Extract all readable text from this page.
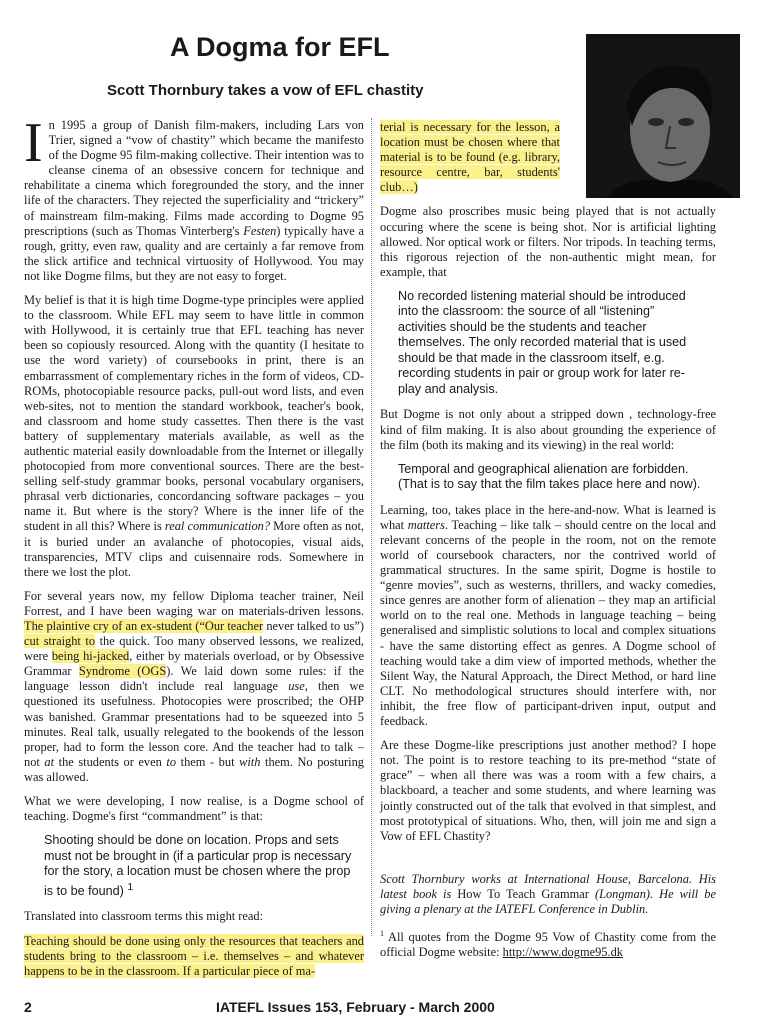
A Dogma for EFL
Scott Thornbury takes a vow of EFL chastity

In 1995 a group of Danish film-makers, including Lars von Trier, signed a “vow of chastity” which became the manifesto of the Dogme 95 film-making collective. Their intention was to cleanse cinema of an obsessive concern for technique and rehabilitate a cinema which foregrounded the story, and the inner life of the characters. They rejected the superficiality and “trickery” of mainstream film-making. Films made according to Dogme 95 prescriptions (such as Thomas Vinterberg's Festen) typically have a rough, gritty, even raw, quality and are certainly a far remove from the slick artifice and technical virtuosity of Hollywood. You may not like Dogme films, but they are not easy to forget.

My belief is that it is high time Dogme-type principles were applied to the classroom. While EFL may seem to have little in common with Hollywood, it is certainly true that EFL teaching has never been so copiously resourced. Along with the quantity (I hesitate to use the word variety) of coursebooks in print, there is an embarrassment of complementary riches in the form of videos, CD-ROMs, photocopiable resource packs, pull-out word lists, and even web-sites, not to mention the standard workbook, teacher's book, and classroom and home study cassettes. Then there is the vast battery of supplementary materials available, as well as the authentic material easily downloadable from the Internet or illegally photocopied from more conventional sources. There are the best-selling self-study grammar books, personal vocabulary organisers, phrasal verb dictionaries, concordancing software packages – you name it. But where is the story? Where is the inner life of the student in all this? Where is real communication? More often as not, it is buried under an avalanche of photocopies, visual aids, transparencies, MTV clips and cuisennaire rods. Somewhere in there we lost the plot.

For several years now, my fellow Diploma teacher trainer, Neil Forrest, and I have been waging war on materials-driven lessons. The plaintive cry of an ex-student (“Our teacher never talked to us”) cut straight to the quick. Too many observed lessons, we realized, were being hi-jacked, either by materials overload, or by Obsessive Grammar Syndrome (OGS). We laid down some rules: if the language lesson didn't include real language use, then we questioned its usefulness. Photocopies were proscribed; the OHP was banished. Grammar presentations had to be squeezed into 5 minutes. Real talk, usually relegated to the bookends of the lesson proper, had to form the lesson core. And the teacher had to talk – not at the students or even to them - but with them. No posturing was allowed.

What we were developing, I now realise, is a Dogme school of teaching. Dogme's first “commandment” is that:

Shooting should be done on location. Props and sets must not be brought in (if a particular prop is necessary for the story, a location must be chosen where the prop is to be found) $^1$

Translated into classroom terms this might read:

Teaching should be done using only the resources that teachers and students bring to the classroom – i.e. themselves – and whatever happens to be in the classroom. If a particular piece of ma-

terial is necessary for the lesson, a location must be chosen where that material is to be found (e.g. library, resource centre, bar, students' club…)

Dogme also proscribes music being played that is not actually occuring where the scene is being shot. Nor is artificial lighting allowed. Nor optical work or filters. Nor tripods. In teaching terms, this rigorous rejection of the non-authentic might mean, for example, that

No recorded listening material should be introduced into the classroom: the source of all “listening” activities should be the students and teacher themselves. The only recorded material that is used should be that made in the classroom itself, e.g. recording students in pair or group work for later re-play and analysis.

But Dogme is not only about a stripped down , technology-free kind of film making. It is also about grounding the experience of the film (both its making and its viewing) in the real world:

Temporal and geographical alienation are forbidden. (That is to say that the film takes place here and now).

Learning, too, takes place in the here-and-now. What is learned is what matters. Teaching – like talk – should centre on the local and relevant concerns of the people in the room, not on the remote world of coursebook characters, nor the contrived world of grammatical structures. In the same spirit, Dogme is hostile to “genre movies”, such as westerns, thrillers, and wacky comedies, since genres are another form of alienation – they map an artificial world on to the real one. Methods in language teaching – being generalised and simplistic solutions to local and complex situations - have the same distorting effect as genres. A Dogme school of teaching would take a dim view of imported methods, whether the Silent Way, the Natural Approach, the Direct Method, or hard line CLT. No methodological structures should interfere with, nor inhibit, the free flow of participant-driven input, output and feedback.

Are these Dogme-like prescriptions just another method? I hope not. The point is to restore teaching to its pre-method “state of grace” – when all there was was a room with a few chairs, a blackboard, a teacher and some students, and where learning was jointly constructed out of the talk that evolved in that simplest, and most prototypical of situations. Who, then, will join me and sign a Vow of EFL Chastity?

Scott Thornbury works at International House, Barcelona. His latest book is How To Teach Grammar (Longman). He will be giving a plenary at the IATEFL Conference in Dublin.

$^1$ All quotes from the Dogme 95 Vow of Chastity come from the official Dogme website: http://www.dogme95.dk

2	IATEFL Issues 153, February - March 2000
